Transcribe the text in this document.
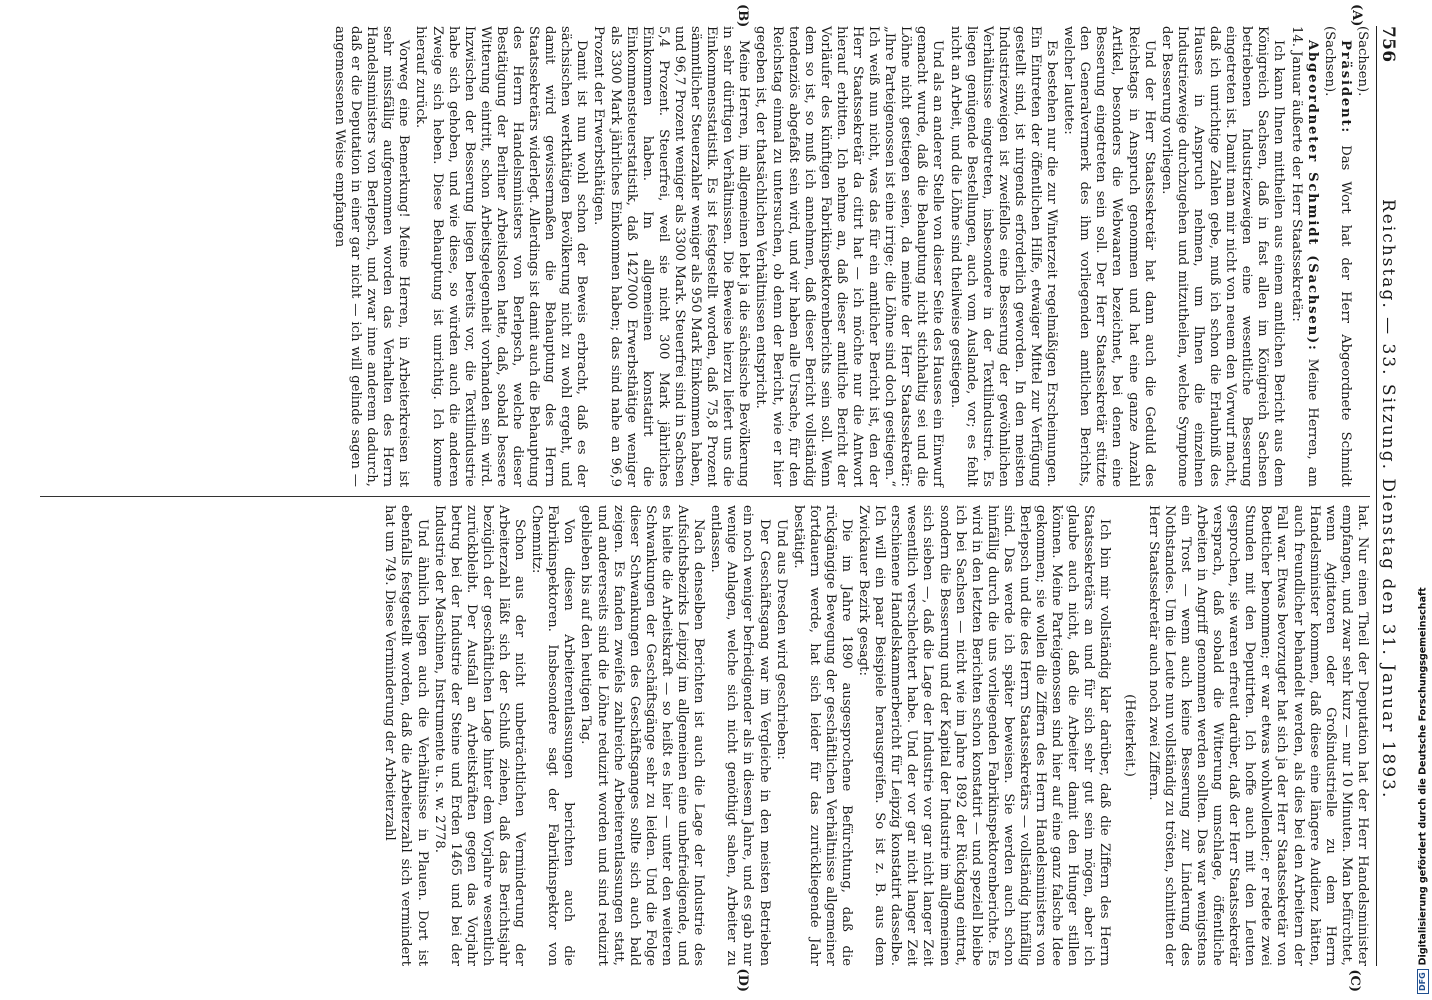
756
Reichstag. — 33. Sitzung. Dienstag den 31. Januar 1893.
(A)
(B)

(Sachsen).

Präsident: Das Wort hat der Herr Abgeordnete Schmidt (Sachsen).

Abgeordneter Schmidt (Sachsen): Meine Herren, am 14. Januar äußerte der Herr Staatssekretär:

Ich kann Ihnen mittheilen aus einem amtlichen Bericht aus dem Königreich Sachsen, daß in fast allen im Königreich Sachsen betriebenen Industriezweigen eine wesentliche Besserung eingetreten ist. Damit man mir nicht von neuem den Vorwurf macht, daß ich unrichtige Zahlen gebe, muß ich schon die Erlaubniß des Hauses in Anspruch nehmen, um Ihnen die einzelnen Industriezweige durchzugehen und mitzutheilen, welche Symptome der Besserung vorliegen.

Und der Herr Staatssekretär hat dann auch die Geduld des Reichstags in Anspruch genommen und hat eine ganze Anzahl Artikel, besonders die Webwaaren bezeichnet, bei denen eine Besserung eingetreten sein soll. Der Herr Staatssekretär stützte den Generalvermerk des ihm vorliegenden amtlichen Berichts, welcher lautete:

Es bestehen nur die zur Winterzeit regelmäßigen Erscheinungen. Ein Eintreten der öffentlichen Hilfe, etwaiger Mittel zur Verfügung gestellt sind, ist nirgends erforderlich geworden. In den meisten Industriezweigen ist zweifellos eine Besserung der gewöhnlichen Verhältnisse eingetreten, insbesondere in der Textilindustrie. Es liegen genügende Bestellungen, auch vom Auslande, vor; es fehlt nicht an Arbeit, und die Löhne sind theilweise gestiegen.

Und als an anderer Stelle von dieser Seite des Hauses ein Einwurf gemacht wurde, daß die Behauptung nicht stichhaltig sei und die Löhne nicht gestiegen seien, da meinte der Herr Staatssekretär: „Ihre Parteigenossen ist eine irrige; die Löhne sind doch gestiegen.“ Ich weiß nun nicht, was das für ein amtlicher Bericht ist, den der Herr Staatssekretär da citirt hat — ich möchte nur die Antwort hierauf erbitten. Ich nehme an, daß dieser amtliche Bericht der Vorläufer des künftigen Fabrikinspektorenberichts sein soll. Wenn dem so ist, so muß ich annehmen, daß dieser Bericht vollständig tendenziös abgefaßt sein wird, und wir haben alle Ursache, für den Reichstag einmal zu untersuchen, ob denn der Bericht, wie er hier gegeben ist, der thatsächlichen Verhältnissen entspricht.

Meine Herren, im allgemeinen lebt ja die sächsische Bevölkerung in sehr dürftigen Verhältnissen. Die Beweise hierzu liefert uns die Einkommensstatistik. Es ist festgestellt worden, daß 75,8 Prozent sämmtlicher Steuerzahler weniger als 950 Mark Einkommen haben, und 96,7 Prozent weniger als 3300 Mark. Steuerfrei sind in Sachsen 5,4 Prozent. Steuerfrei, weil sie nicht 300 Mark jährliches Einkommen haben. Im allgemeinen konstatirt die Einkommensteuerstatistik, daß 1427000 Erwerbsthätige weniger als 3300 Mark jährliches Einkommen haben; das sind nahe an 96,9 Prozent der Erwerbsthätigen.

Damit ist nun wohl schon der Beweis erbracht, daß es der sächsischen werkthätigen Bevölkerung nicht zu wohl ergeht, und damit wird gewissermaßen die Behauptung des Herrn Staatssekretärs widerlegt. Allerdings ist damit auch die Behauptung des Herrn Handelsministers von Berlepsch, welche dieser Bestätigung der Berliner Arbeitslosen hatte, daß, sobald bessere Witterung eintritt, schon Arbeitsgelegenheit vorhanden sein wird. Inzwischen der Besserung liegen bereits vor, die Textilindustrie habe sich gehoben, und wie diese, so würden auch die anderen Zweige sich heben. Diese Behauptung ist unrichtig. Ich komme hierauf zurück.

Vorweg eine Bemerkung! Meine Herren, in Arbeiterkreisen ist sehr missfällig aufgenommen worden das Verhalten des Herrn Handelsministers von Berlepsch, und zwar inne anderem dadurch, daß er die Deputation in einer gar nicht — ich will gelinde sagen — angemessenen Weise empfangen

(C)
(D)

hat. Nur einen Theil der Deputation hat der Herr Handelsminister empfangen, und zwar sehr kurz — nur 10 Minuten. Man befürchtet, wenn Agitatoren oder Großindustrielle zu dem Herrn Handelsminister kommen, daß diese eine längere Audienz hätten, auch freundlicher behandelt werden, als dies bei den Arbeitern der Fall war. Etwas bevorzugter hat sich ja der Herr Staatssekretär von Boetticher benommen; er war etwas wohlwollender; er redete zwei Stunden mit den Deputirten. Ich hoffe auch mit den Leuten gesprochen, sie waren erfreut darüber, daß der Herr Staatssekretär versprach, daß sobald die Witterung umschlage, öffentliche Arbeiten in Angriff genommen werden sollten. Das war wenigstens ein Trost — wenn auch keine Besserung zur Linderung des Nothstandes. Um die Leute nun vollständig zu trösten, schnitten der Herr Staatssekretär auch noch zwei Ziffern.

(Heiterkeit.)

Ich bin mir vollständig klar darüber, daß die Ziffern des Herrn Staatssekretärs an und für sich sehr gut sein mögen, aber ich glaube auch nicht, daß die Arbeiter damit den Hunger stillen können. Meine Parteigenossen sind hier auf eine ganz falsche Idee gekommen; sie wollen die Ziffern des Herrn Handelsministers von Berlepsch und die des Herrn Staatssekretärs — vollständig hinfällig sind. Das werde ich später beweisen. Sie werden auch schon hinfällig durch die uns vorliegenden Fabrikinspektorenberichte. Es wird in den letzten Berichten schon konstatirt — und speziell bleibe ich bei Sachsen — nicht wie im Jahre 1892 der Rückgang eintrat, sondern die Besserung und der Kapital der Industrie im allgemeinen sich sieben —, daß die Lage der Industrie vor gar nicht langer Zeit wesentlich verschlechtert habe. Und der vor gar nicht langer Zeit erschienene Handelskammerbericht für Leipzig konstatirt dasselbe. Ich will ein paar Beispiele herausgreifen. So ist z. B. aus dem Zwickauer Bezirk gesagt:

Die im Jahre 1890 ausgesprochene Befürchtung, daß die rückgängige Bewegung der geschäftlichen Verhältnisse allgemeiner fortdauern werde, hat sich leider für das zurückliegende Jahr bestätigt.

Und aus Dresden wird geschrieben:

Der Geschäftsgang war im Vergleiche in den meisten Betrieben ein noch weniger befriedigender als in diesem Jahre, und es gab nur wenige Anlagen, welche sich nicht genöthigt sahen, Arbeiter zu entlassen.

Nach denselben Berichten ist auch die Lage der Industrie des Aufsichtsbezirks Leipzig im allgemeinen eine unbefriedigende, und es hielte die Arbeitskraft — so heißt es hier — unter den weiteren Schwankungen der Geschäftsgänge sehr zu leiden. Und die Folge dieser Schwankungen des Geschäftsganges sollte sich auch bald zeigen. Es fanden zweifels zahlreiche Arbeiterentlassungen statt, und andererseits sind die Löhne reduzirt worden und sind reduzirt geblieben bis auf den heutigen Tag.

Von diesen Arbeiterentlassungen berichten auch die Fabrikinspektoren. Insbesondere sagt der Fabrikinspektor von Chemnitz:

Schon aus der nicht unbeträchtlichen Verminderung der Arbeiterzahl läßt sich der Schluß ziehen, daß das Berichtsjahr bezüglich der geschäftlichen Lage hinter dem Vorjahre wesentlich zurückbleibt. Der Ausfall an Arbeitskräften gegen das Vorjahr betrug bei der Industrie der Steine und Erden 1465 und bei der Industrie der Maschinen, Instrumente u. s. w. 2778.

Und ähnlich liegen auch die Verhältnisse in Plauen. Dort ist ebenfalls festgestellt worden, daß die Arbeiterzahl sich vermindert hat um 749. Diese Verminderung der Arbeiterzahl

DFGDigitalisierung gefördert durch die Deutsche Forschungsgemeinschaft
